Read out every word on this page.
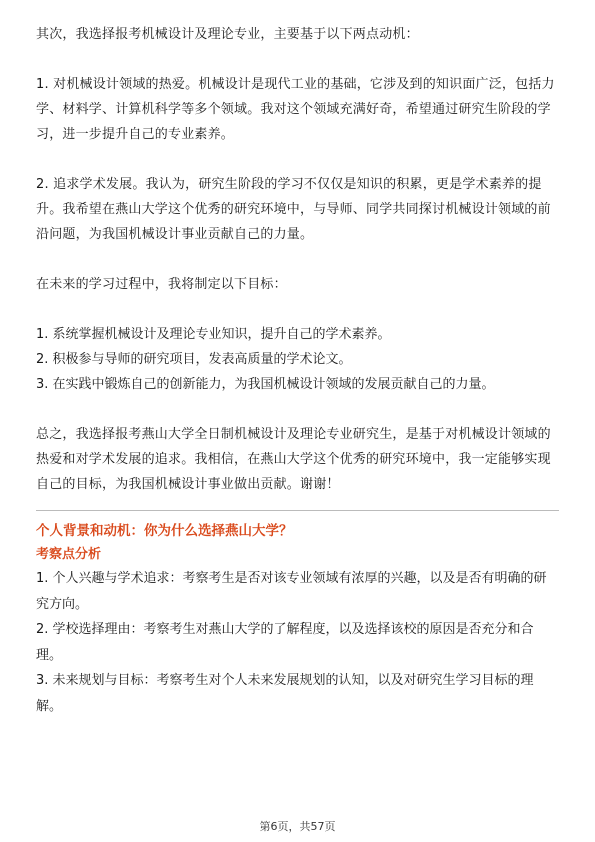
其次，我选择报考机械设计及理论专业，主要基于以下两点动机：

1. 对机械设计领域的热爱。机械设计是现代工业的基础，它涉及到的知识面广泛，包括力学、材料学、计算机科学等多个领域。我对这个领域充满好奇，希望通过研究生阶段的学习，进一步提升自己的专业素养。

2. 追求学术发展。我认为，研究生阶段的学习不仅仅是知识的积累，更是学术素养的提升。我希望在燕山大学这个优秀的研究环境中，与导师、同学共同探讨机械设计领域的前沿问题，为我国机械设计事业贡献自己的力量。

在未来的学习过程中，我将制定以下目标：

1. 系统掌握机械设计及理论专业知识，提升自己的学术素养。

2. 积极参与导师的研究项目，发表高质量的学术论文。

3. 在实践中锻炼自己的创新能力，为我国机械设计领域的发展贡献自己的力量。

总之，我选择报考燕山大学全日制机械设计及理论专业研究生，是基于对机械设计领域的热爱和对学术发展的追求。我相信，在燕山大学这个优秀的研究环境中，我一定能够实现自己的目标，为我国机械设计事业做出贡献。谢谢！

个人背景和动机：你为什么选择燕山大学？

考察点分析

1. 个人兴趣与学术追求：考察考生是否对该专业领域有浓厚的兴趣，以及是否有明确的研究方向。

2. 学校选择理由：考察考生对燕山大学的了解程度，以及选择该校的原因是否充分和合理。

3. 未来规划与目标：考察考生对个人未来发展规划的认知，以及对研究生学习目标的理解。

第6页，共57页
